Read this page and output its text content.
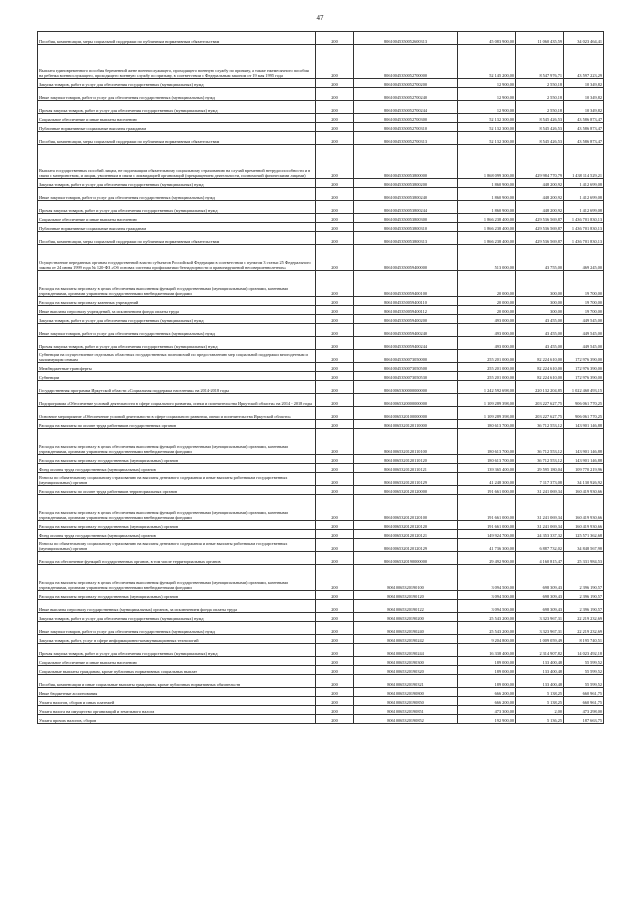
47
Пособия, компенсации, меры социальной поддержки по публичным нормативным обязательствам	200	80610045350052600313	45 083 900,00	11 060 435,59	34 023 464,41
Выплата единовременного пособия беременной жене военнослужащего, проходящего военную службу по призыву, а также ежемесячного пособия на ребенка военнослужащего, проходящего военную службу по призыву, в соответствии с Федеральным законом от 19 мая 1995 года	200	80610045350052700000	52 145 200,00	8 547 976,71	43 597 223,29
Закупка товаров, работ и услуг для обеспечения государственных (муниципальных) нужд	200	80610045350052700200	12 900,00	2 550,18	10 349,82
Иные закупки товаров, работ и услуг для обеспечения государственных (муниципальных) нужд	200	80610045350052700240	12 900,00	2 550,18	10 349,82
Прочая закупка товаров, работ и услуг для обеспечения государственных (муниципальных) нужд	200	80610045350052700244	12 900,00	2 550,18	10 349,82
Социальное обеспечение и иные выплаты населению	200	80610045350052700300	52 132 300,00	8 545 426,53	43 586 873,47
Публичные нормативные социальные выплаты гражданам	200	80610045350052700310	52 132 300,00	8 545 426,53	43 586 873,47
Пособия, компенсации, меры социальной поддержки по публичным нормативным обязательствам	200	80610045350052700313	52 132 300,00	8 545 426,53	43 586 873,47
Выплата государственных пособий лицам, не подлежащим обязательному социальному страхованию на случай временной нетрудоспособности и в связи с материнством, и лицам, уволенным в связи с ликвидацией организаций (прекращением деятельности, полномочий физическими лицами)	200	80610045350053800000	1 868 099 300,00	429 984 770,79	1 438 114 529,21
Закупка товаров, работ и услуг для обеспечения государственных (муниципальных) нужд	200	80610045350053800200	1 860 900,00	448 200,92	1 412 699,08
Иные закупки товаров, работ и услуг для обеспечения государственных (муниципальных) нужд	200	80610045350053800240	1 860 900,00	448 200,92	1 412 699,08
Прочая закупка товаров, работ и услуг для обеспечения государственных (муниципальных) нужд	200	80610045350053800244	1 860 900,00	448 200,92	1 412 699,08
Социальное обеспечение и иные выплаты населению	200	80610045350053800300	1 866 238 400,00	429 536 569,87	1 436 701 830,13
Публичные нормативные социальные выплаты гражданам	200	80610045350053800310	1 866 238 400,00	429 536 569,87	1 436 701 830,13
Пособия, компенсации, меры социальной поддержки по публичным нормативным обязательствам	200	80610045350053800313	1 866 238 400,00	429 536 569,87	1 436 701 830,13
Осуществление переданных органам государственной власти субъектов Российской Федерации в соответствии с пунктом 3 статьи 25 Федерального закона от 24 июня 1999 года № 120-ФЗ «Об основах системы профилактики безнадзорности и правонарушений несовершеннолетних»	200	80610045350059400000	513 000,00	43 755,00	469 245,00
Расходы на выплаты персоналу в целях обеспечения выполнения функций государственными (муниципальными) органами, казенными учреждениями, органами управления государственными внебюджетными фондами	200	80610045350059400100	20 000,00	300,00	19 700,00
Расходы на выплаты персоналу казенных учреждений	200	80610045350059400110	20 000,00	300,00	19 700,00
Иные выплаты персоналу учреждений, за исключением фонда оплаты труда	200	80610045350059400112	20 000,00	300,00	19 700,00
Закупка товаров, работ и услуг для обеспечения государственных (муниципальных) нужд	200	80610045350059400200	493 000,00	43 455,00	449 545,00
Иные закупки товаров, работ и услуг для обеспечения государственных (муниципальных) нужд	200	80610045350059400240	493 000,00	43 455,00	449 545,00
Прочая закупка товаров, работ и услуг для обеспечения государственных (муниципальных) нужд	200	80610045350059400244	493 000,00	43 455,00	449 545,00
Субвенции на осуществление отдельных областных государственных полномочий по предоставлению мер социальной поддержки многодетным и малоимущим семьям	200	80610045350073050000	255 201 000,00	82 224 610,00	172 976 390,00
Межбюджетные трансферты	200	80610045350073050500	255 201 000,00	82 224 610,00	172 976 390,00
Субвенции	200	80610045350073050530	255 201 000,00	82 224 610,00	172 976 390,00
Государственная программа Иркутской области «Социальная поддержка населения» на 2014-2018 годы	200	80610065300000000000	1 242 592 698,00	220 132 204,85	1 022 460 493,15
Подпрограмма «Обеспечение условий деятельности в сфере социального развития, опеки и попечительства Иркутской области» на 2014 - 2018 годы	200	80610065320000000000	1 109 289 398,00	203 227 627,75	906 061 770,25
Основное мероприятие «Обеспечение условий деятельности в сфере социального развития, опеки и попечительства Иркутской области»	200	80610065320100000000	1 109 289 398,00	203 227 627,75	906 061 770,25
Расходы на выплаты по оплате труда работников государственных органов	200	80610065320120110000	180 613 700,00	36 712 553,12	143 901 146,88
Расходы на выплаты персоналу в целях обеспечения выполнения функций государственными (муниципальными) органами, казенными учреждениями, органами управления государственными внебюджетными фондами	200	80610065320120110100	180 613 700,00	36 712 553,12	143 901 146,88
Расходы на выплаты персоналу государственных (муниципальных) органов	200	80610065320120110120	180 613 700,00	36 712 553,12	143 901 146,88
Фонд оплаты труда государственных (муниципальных) органов	200	80610065320120110121	139 365 400,00	29 595 180,04	109 770 219,96
Взносы по обязательному социальному страхованию на выплаты денежного содержания и иные выплаты работникам государственных (муниципальных) органов	200	80610065320120110129	41 248 300,00	7 117 373,08	34 130 926,92
Расходы на выплаты по оплате труда работников территориальных органов	200	80610065320120120000	191 661 000,00	31 241 069,34	160 419 930,66
Расходы на выплаты персоналу в целях обеспечения выполнения функций государственными (муниципальными) органами, казенными учреждениями, органами управления государственными внебюджетными фондами	200	80610065320120120100	191 661 000,00	31 241 069,34	160 419 930,66
Расходы на выплаты персоналу государственных (муниципальных) органов	200	80610065320120120120	191 661 000,00	31 241 069,34	160 419 930,66
Фонд оплаты труда государственных (муниципальных) органов	200	80610065320120120121	149 924 700,00	24 353 337,32	125 571 362,68
Взносы по обязательному социальному страхованию на выплаты денежного содержания и иные выплаты работникам государственных (муниципальных) органов	200	80610065320120120129	41 736 300,00	6 887 732,02	34 848 567,98
Расходы на обеспечение функций государственных органов, в том числе территориальных органов	200	80610065320190000000	29 492 900,00	4 160 815,47	25 331 984,53
Расходы на выплаты персоналу в целях обеспечения выполнения функций государственными (муниципальными) органами, казенными учреждениями, органами управления государственными внебюджетными фондами	200	80610065320190100	3 094 500,00	698 309,43	2 396 190,57
Расходы на выплаты персоналу государственных (муниципальных) органов	200	80610065320190120	3 094 500,00	698 309,43	2 396 190,57
Иные выплаты персоналу государственных (муниципальных) органов, за исключением фонда оплаты труда	200	80610065320190122	3 094 500,00	698 309,43	2 396 190,57
Закупка товаров, работ и услуг для обеспечения государственных (муниципальных) нужд	200	80610065320190200	25 543 200,00	3 323 967,31	22 219 232,69
Иные закупки товаров, работ и услуг для обеспечения государственных (муниципальных) нужд	200	80610065320190240	25 543 200,00	3 323 967,31	22 219 232,69
Закупка товаров, работ, услуг в сфере информационно-коммуникационных технологий	200	80610065320190242	9 204 800,00	1 009 059,49	8 195 740,51
Прочая закупка товаров, работ и услуг для обеспечения государственных (муниципальных) нужд	200	80610065320190244	16 338 400,00	2 314 907,82	14 023 492,18
Социальное обеспечение и иные выплаты населению	200	80610065320190300	189 000,00	133 400,48	55 599,52
Социальные выплаты гражданам, кроме публичных нормативных социальных выплат	200	80610065320190320	189 000,00	133 400,48	55 599,52
Пособия, компенсации и иные социальные выплаты гражданам, кроме публичных нормативных обязательств	200	80610065320190321	189 000,00	133 400,48	55 599,52
Иные бюджетные ассигнования	200	80610065320190800	666 200,00	5 138,25	660 961,75
Уплата налогов, сборов и иных платежей	200	80610065320190850	666 200,00	5 138,25	660 961,75
Уплата налога на имущество организаций и земельного налога	200	80610065320190851	473 300,00	2,00	473 298,00
Уплата прочих налогов, сборов	200	80610065320190852	192 900,00	5 136,25	187 663,75
